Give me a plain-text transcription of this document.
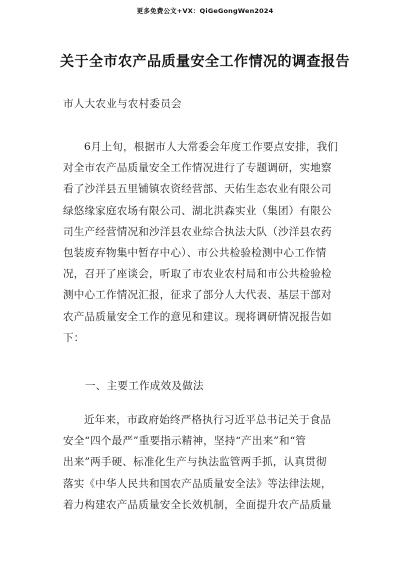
更多免费公文+VX：QiGeGongWen2024
关于全市农产品质量安全工作情况的调查报告
市人大农业与农村委员会
6月上旬，根据市人大常委会年度工作要点安排，我们
对全市农产品质量安全工作情况进行了专题调研，实地察
看了沙洋县五里铺镇农资经营部、天佑生态农业有限公司
绿悠缘家庭农场有限公司、湖北洪森实业（集团）有限公
司生产经营情况和沙洋县农业综合执法大队（沙洋县农药
包装废弃物集中暂存中心）、市公共检验检测中心工作情
况，召开了座谈会，听取了市农业农村局和市公共检验检
测中心工作情况汇报，征求了部分人大代表、基层干部对
农产品质量安全工作的意见和建议。现将调研情况报告如
下：
一、主要工作成效及做法
近年来，市政府始终严格执行习近平总书记关于食品
安全“四个最严”重要指示精神，坚持“产出来”和“管
出来”两手硬、标准化生产与执法监管两手抓，认真贯彻
落实《中华人民共和国农产品质量安全法》等法律法规，
着力构建农产品质量安全长效机制，全面提升农产品质量
